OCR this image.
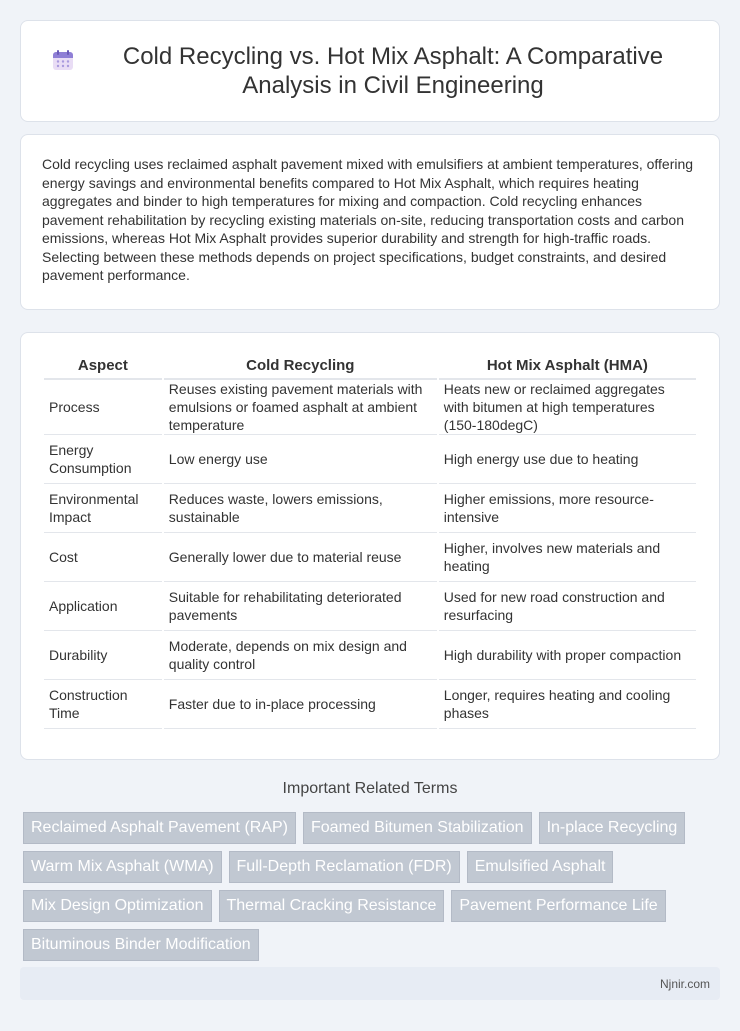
Cold Recycling vs. Hot Mix Asphalt: A Comparative Analysis in Civil Engineering

Cold recycling uses reclaimed asphalt pavement mixed with emulsifiers at ambient temperatures, offering energy savings and environmental benefits compared to Hot Mix Asphalt, which requires heating aggregates and binder to high temperatures for mixing and compaction. Cold recycling enhances pavement rehabilitation by recycling existing materials on-site, reducing transportation costs and carbon emissions, whereas Hot Mix Asphalt provides superior durability and strength for high-traffic roads. Selecting between these methods depends on project specifications, budget constraints, and desired pavement performance.

Aspect	Cold Recycling	Hot Mix Asphalt (HMA)
Process	Reuses existing pavement materials with emulsions or foamed asphalt at ambient temperature	Heats new or reclaimed aggregates with bitumen at high temperatures (150-180degC)
Energy Consumption	Low energy use	High energy use due to heating
Environmental Impact	Reduces waste, lowers emissions, sustainable	Higher emissions, more resource-intensive
Cost	Generally lower due to material reuse	Higher, involves new materials and heating
Application	Suitable for rehabilitating deteriorated pavements	Used for new road construction and resurfacing
Durability	Moderate, depends on mix design and quality control	High durability with proper compaction
Construction Time	Faster due to in-place processing	Longer, requires heating and cooling phases
Important Related Terms
Reclaimed Asphalt Pavement (RAP)	Foamed Bitumen Stabilization	In-place Recycling
Warm Mix Asphalt (WMA)	Full-Depth Reclamation (FDR)	Emulsified Asphalt
Mix Design Optimization	Thermal Cracking Resistance	Pavement Performance Life
Bituminous Binder Modification
Njnir.com
